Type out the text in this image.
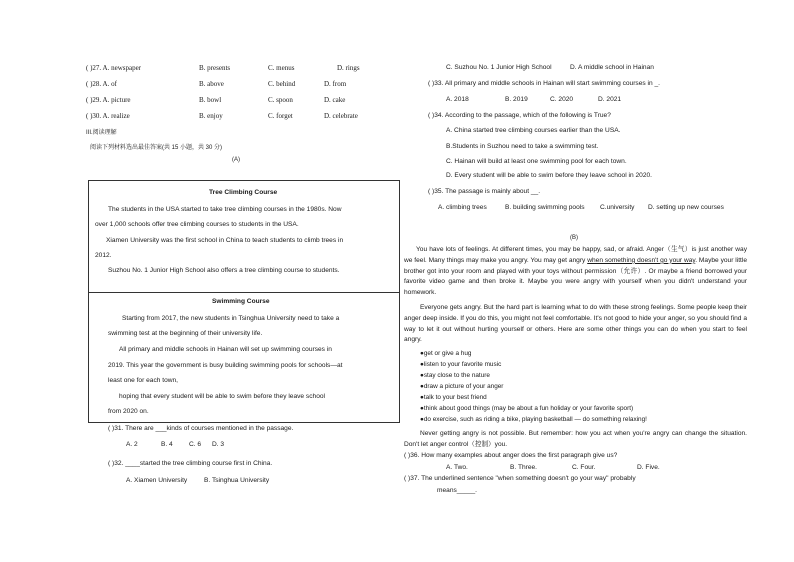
( )27. A. newspaper	B. presents	C. menus	D. rings
( )28. A. of	B. above	C. behind	D. from
( )29. A. picture	B. bowl	C. spoon	D. cake
( )30. A. realize	B. enjoy	C. forget	D. celebrate
III.阅读理解
阅读下列材料选出最佳答案(共 15 小题，共 30 分)
(A)
Tree Climbing Course
The students in the USA started to take tree climbing courses in the 1980s. Now
over 1,000 schools offer tree climbing courses to students in the USA.
Xiamen University was the first school in China to teach students to climb trees in
2012.
Suzhou No. 1 Junior High School also offers a tree climbing course to students.
Swimming Course
Starting from 2017, the new students in Tsinghua University need to take a
swimming test at the beginning of their university life.
All primary and middle schools in Hainan will set up swimming courses in
2019. This year the government is busy building swimming pools for schools—at
least one for each town,
hoping that every student will be able to swim before they leave school
from 2020 on.
( )31. There are ___kinds of courses mentioned in the passage.
A. 2	B. 4 C. 6 D. 3
( )32. ____started the tree climbing course first in China.
A. Xiamen University	B. Tsinghua University
C. Suzhou No. 1 Junior High School	D. A middle school in Hainan
( )33. All primary and middle schools in Hainan will start swimming courses in _.
A. 2018	B. 2019	C. 2020	D. 2021
( )34. According to the passage, which of the following is True?
A. China started tree climbing courses earlier than the USA.
B.Students in Suzhou need to take a swimming test.
C. Hainan will build at least one swimming pool for each town.
D. Every student will be able to swim before they leave school in 2020.
( )35. The passage is mainly about __.
A. climbing trees	B. building swimming pools C.university D. setting up new courses
(B)
You have lots of feelings. At different times, you may be happy, sad, or afraid. Anger（生气）is just another way we feel. Many things may make you angry. You may get angry when something doesn't go your way. Maybe your little brother got into your room and played with your toys without permission（允许）. Or maybe a friend borrowed your favorite video game and then broke it. Maybe you were angry with yourself when you didn't understand your homework.
Everyone gets angry. But the hard part is learning what to do with these strong feelings. Some people keep their anger deep inside. If you do this, you might not feel comfortable. It's not good to hide your anger, so you should find a way to let it out without hurting yourself or others. Here are some other things you can do when you start to feel angry.
●get or give a hug
●listen to your favorite music
●stay close to the nature
●draw a picture of your anger
●talk to your best friend
●think about good things (may be about a fun holiday or your favorite sport)
●do exercise, such as riding a bike, playing basketball — do something relaxing!
Never getting angry is not possible. But remember: how you act when you're angry can change the situation. Don't let anger control（控制）you.
( )36. How many examples about anger does the first paragraph give us?
A. Two.	B. Three.	C. Four.	D. Five.
( )37. The underlined sentence "when something doesn't go your way" probably
means_____.
